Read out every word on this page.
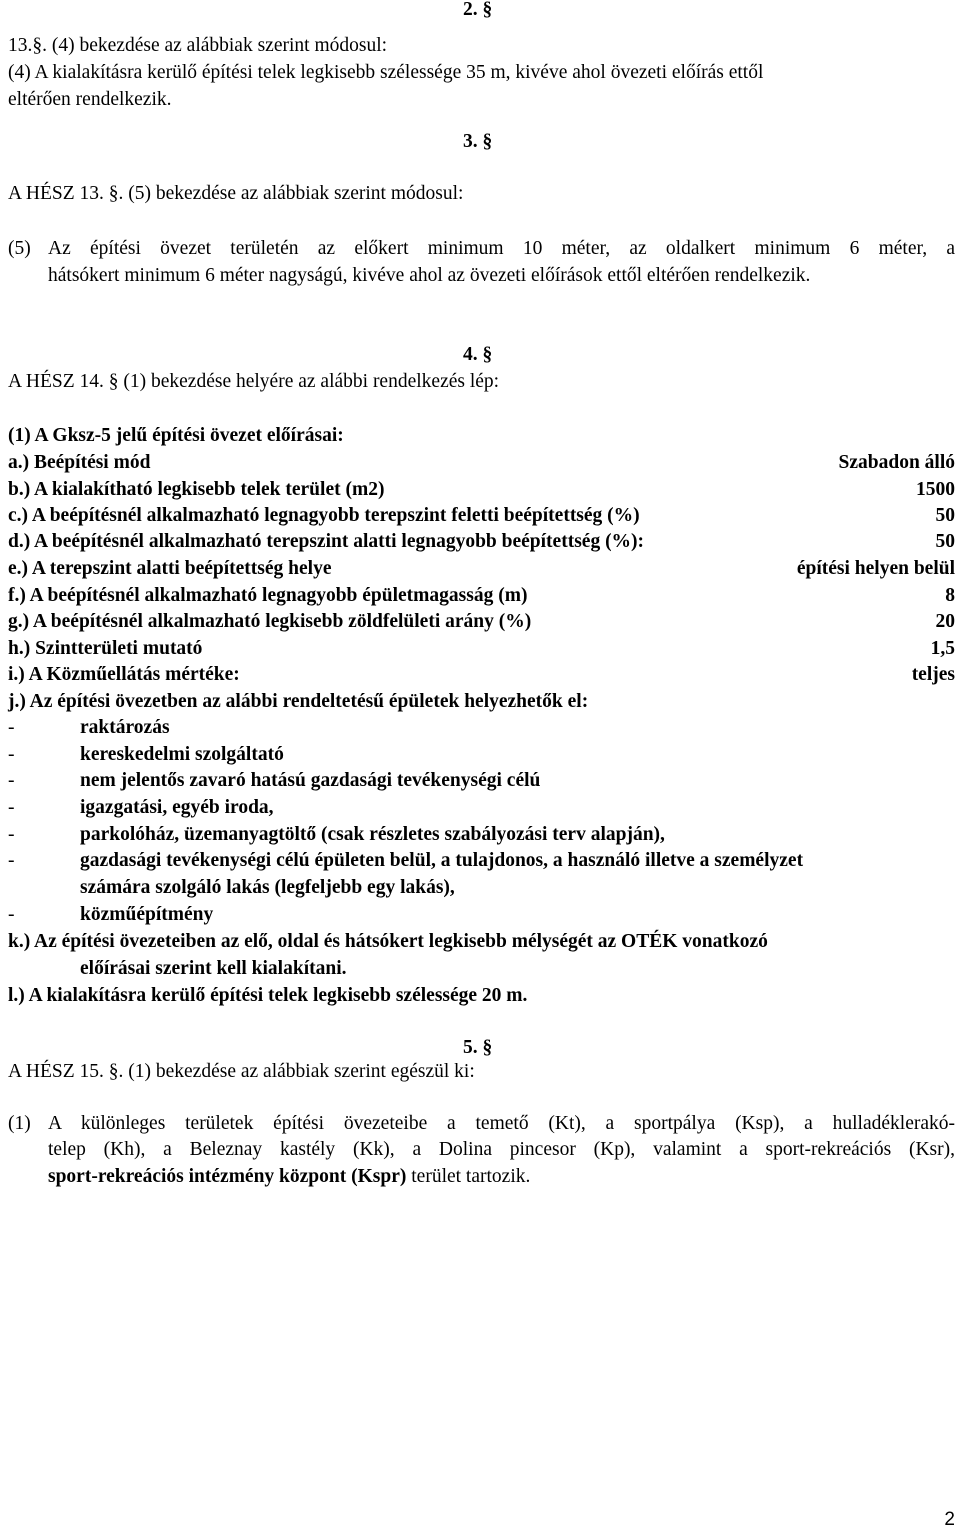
2. §
13.§. (4) bekezdése az alábbiak szerint módosul:
(4) A kialakításra kerülő építési telek legkisebb szélessége 35 m, kivéve ahol övezeti előírás ettől
eltérően rendelkezik.
3. §
A HÉSZ 13. §. (5) bekezdése az alábbiak szerint módosul:
(5) Az építési övezet területén az előkert minimum 10 méter, az oldalkert minimum 6 méter, a
hátsókert minimum 6 méter nagyságú, kivéve ahol az övezeti előírások ettől eltérően rendelkezik.
4. §
A HÉSZ 14. § (1) bekezdése helyére az alábbi rendelkezés lép:
(1) A Gksz-5 jelű építési övezet előírásai:
a.) Beépítési mód	Szabadon álló
b.) A kialakítható legkisebb telek terület (m2)	1500
c.) A beépítésnél alkalmazható legnagyobb terepszint feletti beépítettség (%)	50
d.) A beépítésnél alkalmazható terepszint alatti legnagyobb beépítettség (%):	50
e.) A terepszint alatti beépítettség helye	építési helyen belül
f.) A beépítésnél alkalmazható legnagyobb épületmagasság (m)	8
g.) A beépítésnél alkalmazható legkisebb zöldfelületi arány (%)	20
h.) Szintterületi mutató	1,5
i.) A Közműellátás mértéke:	teljes
j.) Az építési övezetben az alábbi rendeltetésű épületek helyezhetők el:
-	raktározás
-	kereskedelmi szolgáltató
-	nem jelentős zavaró hatású gazdasági tevékenységi célú
-	igazgatási, egyéb iroda,
-	parkolóház, üzemanyagtöltő (csak részletes szabályozási terv alapján),
-	gazdasági tevékenységi célú épületen belül, a tulajdonos, a használó illetve a személyzet
számára szolgáló lakás (legfeljebb egy lakás),
-	közműépítmény
k.) Az építési övezeteiben az elő, oldal és hátsókert legkisebb mélységét az OTÉK vonatkozó
előírásai szerint kell kialakítani.
l.) A kialakításra kerülő építési telek legkisebb szélessége 20 m.
5. §
A HÉSZ 15. §. (1) bekezdése az alábbiak szerint egészül ki:
(1) A különleges területek építési övezeteibe a temető (Kt), a sportpálya (Ksp), a hulladéklerakó-
telep (Kh), a Beleznay kastély (Kk), a Dolina pincesor (Kp), valamint a sport-rekreációs (Ksr),
sport-rekreációs intézmény központ (Kspr) terület tartozik.
2
